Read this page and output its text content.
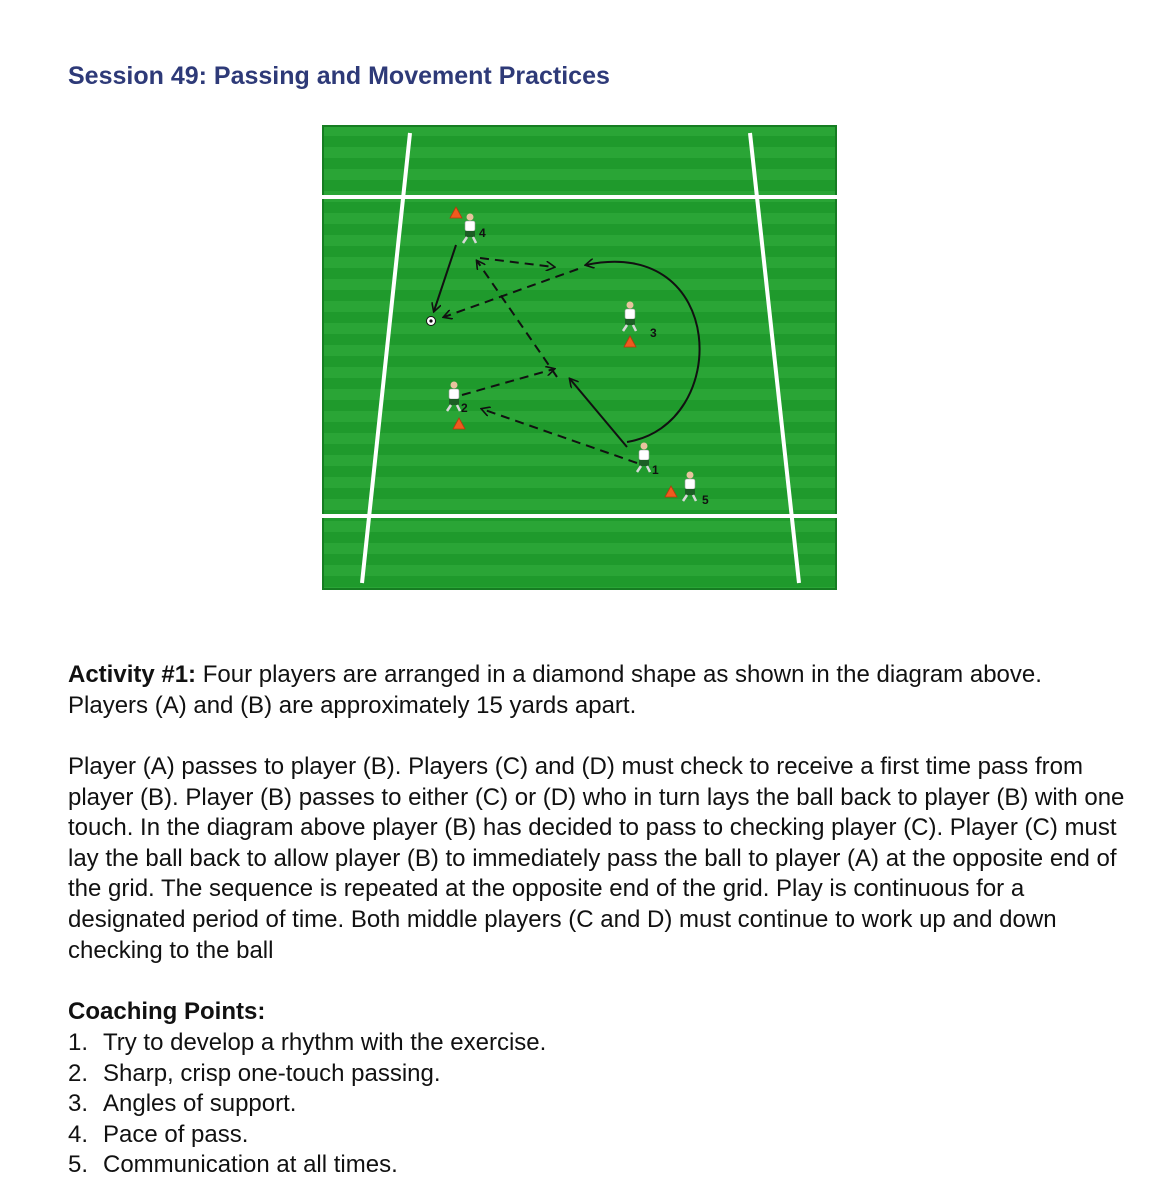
Session 49: Passing and Movement Practices
4
3
2
1
5

Activity #1: Four players are arranged in a diamond shape as shown in the diagram above. Players (A) and (B) are approximately 15 yards apart.

Player (A) passes to player (B). Players (C) and (D) must check to receive a first time pass from player (B). Player (B) passes to either (C) or (D) who in turn lays the ball back to player (B) with one touch. In the diagram above player (B) has decided to pass to checking player (C). Player (C) must lay the ball back to allow player (B) to immediately pass the ball to player (A) at the opposite end of the grid. The sequence is repeated at the opposite end of the grid. Play is continuous for a designated period of time. Both middle players (C and D) must continue to work up and down checking to the ball

Coaching Points:
1. Try to develop a rhythm with the exercise.
2. Sharp, crisp one-touch passing.
3. Angles of support.
4. Pace of pass.
5. Communication at all times.
